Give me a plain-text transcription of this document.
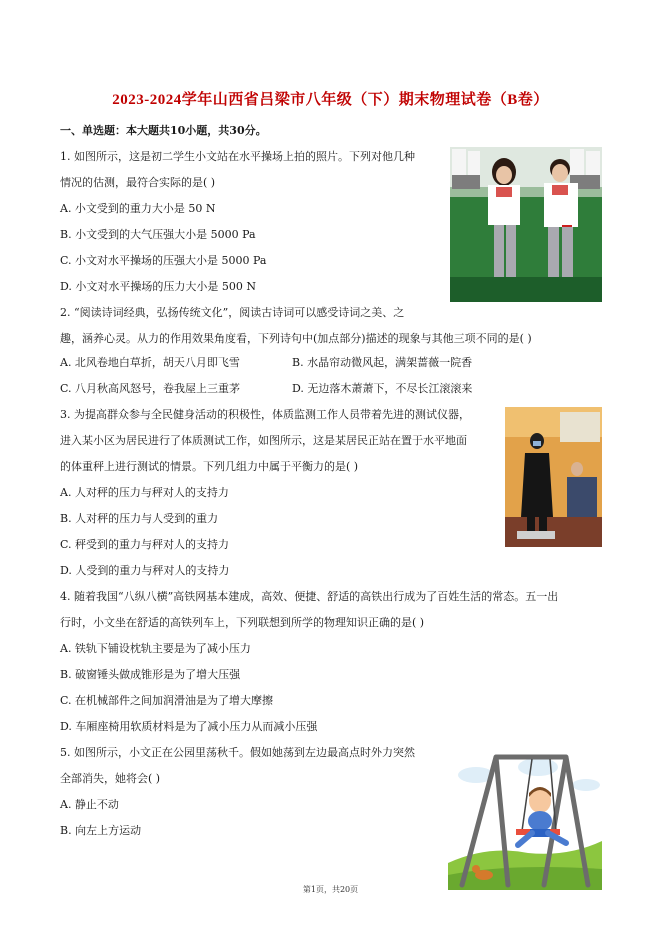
2023-2024学年山西省吕梁市八年级（下）期末物理试卷（B卷）
一、单选题：本大题共10小题，共30分。
1. 如图所示，这是初二学生小文站在水平操场上拍的照片。下列对他几种
情况的估测，最符合实际的是( )
A. 小文受到的重力大小是 50 N
B. 小文受到的大气压强大小是 5000 Pa
C. 小文对水平操场的压强大小是 5000 Pa
D. 小文对水平操场的压力大小是 500 N
2. “阅读诗词经典，弘扬传统文化”，阅读古诗词可以感受诗词之美、之
趣，涵养心灵。从力的作用效果角度看，下列诗句中(加点部分)描述的现象与其他三项不同的是( )
A. 北风卷地白草折，胡天八月即飞雪	B. 水晶帘动微风起，满架蔷薇一院香
C. 八月秋高风怒号，卷我屋上三重茅	D. 无边落木萧萧下，不尽长江滚滚来
3. 为提高群众参与全民健身活动的积极性，体质监测工作人员带着先进的测试仪器，
进入某小区为居民进行了体质测试工作，如图所示，这是某居民正站在置于水平地面
的体重秤上进行测试的情景。下列几组力中属于平衡力的是( )
A. 人对秤的压力与秤对人的支持力
B. 人对秤的压力与人受到的重力
C. 秤受到的重力与秤对人的支持力
D. 人受到的重力与秤对人的支持力
4. 随着我国“八纵八横”高铁网基本建成，高效、便捷、舒适的高铁出行成为了百姓生活的常态。五一出
行时，小文坐在舒适的高铁列车上，下列联想到所学的物理知识正确的是( )
A. 铁轨下铺设枕轨主要是为了减小压力
B. 破窗锤头做成锥形是为了增大压强
C. 在机械部件之间加润滑油是为了增大摩擦
D. 车厢座椅用软质材料是为了减小压力从而减小压强
5. 如图所示，小文正在公园里荡秋千。假如她荡到左边最高点时外力突然
全部消失，她将会( )
A. 静止不动
B. 向左上方运动
第1页，共20页
